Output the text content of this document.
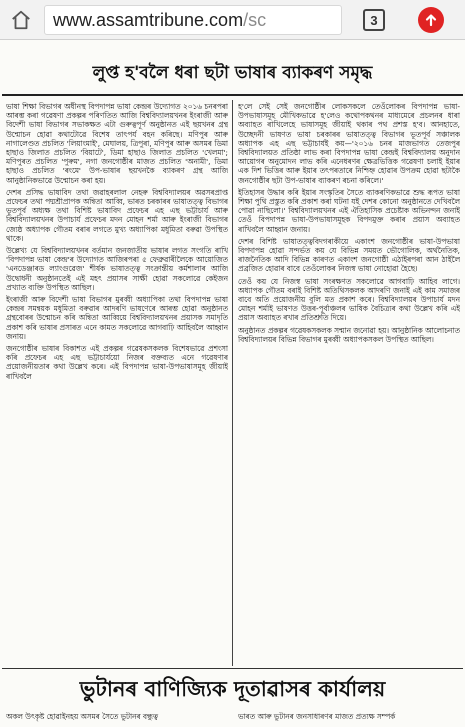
www.assamtribune.com/sc	3
লুপ্ত হ'বলৈ ধৰা ছটা ভাষাৰ ব্যাকৰণ সমৃদ্ধ

ভাষা শিক্ষা বিভাগৰ অধীনস্থ বিপদাপন্ন ভাষা কেন্দ্ৰৰ উদ্যোগত ২০১৬ চনৰপৰা আৰম্ভ কৰা গৱেষণা প্ৰকল্পৰ পৰিণতিত আজি বিশ্ববিদ্যালয়খনৰ ইংৰাজী আৰু বিদেশী ভাষা বিভাগৰ সভাকক্ষত এটা গুৰুত্বপূৰ্ণ অনুষ্ঠানত এই ছয়খনৰ গ্ৰন্থ উন্মোচন হোৱা কথাটোৱে বিশেষ তাৎপৰ্য বহন কৰিছে। মণিপুৰ আৰু নাগালেণ্ডত প্ৰচলিত 'লিয়াংমাই', মেঘালয়, ত্ৰিপুৰা, মণিপুৰ আৰু অসমৰ ডিমা হাছাও জিলাত প্ৰচলিত 'বিয়াটে', ডিমা হাছাও জিলাত প্ৰচলিত 'খেলমা'; মণিপুৰত প্ৰচলিত 'পুৰুম', নগা জনগোষ্ঠীৰ মাজত প্ৰচলিত 'অনামী', ডিমা হাছাও প্ৰচলিত 'ৰংমে' উপ-ভাষাৰ ছয়খনকৈ ব্যাকৰণ গ্ৰন্থ আজি আনুষ্ঠানিকভাৱে উন্মোচন কৰা হয়।

দেশৰ প্ৰসিদ্ধ ভাষাবিদ তথা জৱাহৰলাল নেহৰু বিশ্ববিদ্যালয়ৰ অৱসৰপ্ৰাপ্ত প্ৰফেচৰ তথা পদ্মশ্ৰীপ্ৰাপক অন্বিতা আব্বি, ভাৰত চৰকাৰৰ ভাষাতত্ত্ব বিভাগৰ ভূতপূৰ্ব অধ্যক্ষ তথা বিশিষ্ট ভাষাবিদ প্ৰফেচৰ এহ এছ ভট্টাচাৰ্য আৰু বিশ্ববিদ্যালয়খনৰ উপাচাৰ্য প্ৰফেচৰ মদন মোহন শৰ্মা আৰু ইংৰাজী বিভাগৰ জ্যেষ্ঠ অধ্যাপক গৌতম বৰাৰ লগতে মুখ্য অধ্যাপিকা মধুমিতা বৰুৱা উপস্থিত থাকে।

উল্লেখ্য যে বিশ্ববিদ্যালয়খনৰ বৰ্তমান জনজাতীয় ভাষাৰ লগত সংগতি ৰাখি 'বিপদাপন্ন ভাষা কেন্দ্ৰ'ৰ উদ্যোগত আজিৰপৰা ৫ ফেব্ৰুৱাৰীলৈকে আয়োজিত 'এনডেঞ্জাৰড ল্যাংগুৱেজ' শীৰ্ষক ভাষাতত্ত্ব সংক্ৰান্তীয় কৰ্মশালাৰ আজি উদ্বোধনী অনুষ্ঠানতেই এই মহৎ প্ৰয়াসৰ সাক্ষী হোৱা সকলোৱে কেইজন প্ৰখ্যাত ব্যক্তি উপস্থিত আছিল।

ইংৰাজী আৰু বিদেশী ভাষা বিভাগৰ মুৰব্বী অধ্যাপিকা তথা বিপদাপন্ন ভাষা কেন্দ্ৰৰ সমন্বয়ক মধুমিতা বৰুৱাৰ আদৰণি ভাষণেৰে আৰম্ভ হোৱা অনুষ্ঠানত গ্ৰন্থবোৰৰ উন্মোচন কৰি অন্বিতা আব্বিয়ে বিশ্ববিদ্যালয়খনৰ প্ৰয়াসক সমাদৃতি প্ৰকাশ কৰি ভাষাৰ প্ৰসাৰত এনে কামত সকলোৱে আগবাঢ়ি আহিবলৈ আহ্বান জনায়।

জনগোষ্ঠীৰ ভাষাৰ বিকাশত এই প্ৰকল্পৰ গৱেষকসকলক বিশেষভাৱে প্ৰশংসা কৰি প্ৰফেচৰ এহ এছ ভট্টাচাৰ্যয়ো নিজৰ বক্তব্যত এনে গৱেষণাৰ প্ৰয়োজনীয়তাৰ কথা উল্লেখ কৰে। এই বিপদাপন্ন ভাষা-উপভাষাসমূহ জীয়াই ৰাখিবলৈ

হ'লে সেই সেই জনগোষ্ঠীৰ লোকসকলে তেওঁলোকৰ বিপদাপন্ন ভাষা-উপভাষাসমূহ মৌখিকভাৱে হ'লেও কথোপকথনৰ মাধ্যমেৰে প্ৰচলনৰ ধাৰা অব্যাহত ৰাখিলেহে ভাষাসমূহ জীয়াই থকাৰ পথ প্ৰশস্ত হ'ব। আনহাতে, উচ্ছেদনী ভাষণত ভাষা চৰকাৰৰ ভাষাতত্ত্ব বিভাগৰ ভূতপূৰ্ব সঞ্চালক অধ্যাপক এহ এছ ভট্টাচাৰ্যই কয়—'২০১৬ চনৰ মাজভাগত তেজপুৰ বিশ্ববিদ্যালয়ত প্ৰতিষ্ঠা লাভ কৰা বিপদাপন্ন ভাষা কেন্দ্ৰই বিশ্ববিদ্যালয় অনুদান আয়োগৰ অনুমোদন লাভ কৰি এনেধৰণৰ ক্ষেত্ৰভিত্তিক গৱেষণা চলাই ইয়াৰ এক দিশ ভিত্তিৰ আৰু ইয়াৰ তৎপৰতাৰে নিশ্চিহ্ন হোৱাৰ উপক্ৰম হোৱা ছটাকৈ জনগোষ্ঠীৰ ছটা উপ-ভাষাৰ ব্যাকৰণ ৰচনা কৰিলে।'

ইতিহাসৰ উদ্ধাৰ কৰি ইয়াৰ সংস্কৃতিৰ সৈতে ব্যাকৰণিকভাৱে শুদ্ধ ৰূপত ভাষা শিক্ষা পুথি প্ৰস্তুত কৰি প্ৰকাশ কৰা ঘটনা যই দেশৰ কোনো অনুষ্ঠানতে দেখিবলৈ পোৱা নাছিলো।' বিশ্ববিদ্যালয়খনৰ এই ঐতিহাসিক প্ৰচেষ্টাক অভিনন্দন জনাই তেওঁ বিপদাপন্ন ভাষা-উপভাষাসমূহক বিপদমুক্ত কৰাৰ প্ৰয়াস অব্যাহত ৰাখিবলৈ আহ্বান জনায়।

দেশৰ বিশিষ্ট ভাষাতত্ত্ববিদগৰাকীয়ে একাংশ জনগোষ্ঠীৰ ভাষা-উপভাষা বিপদাপন্ন হোৱা সন্দৰ্ভত কয় যে বিভিন্ন সময়ত ভৌগোলিক, অৰ্থনৈতিক, ৰাজনৈতিক আদি বিভিন্ন কাৰণত একাংশ জনগোষ্ঠী এঠাইৰপৰা আন ঠাইলৈ প্ৰব্ৰজিত হোৱাৰ বাবে তেওঁলোকৰ নিজস্ব ভাষা নোহোৱা হৈছে।

তেওঁ কয় যে নিজস্ব ভাষা সংৰক্ষণত সকলোৱে আগবাঢ়ি আহিব লাগে। অধ্যাপক গৌতম বৰাই বিশিষ্ট অতিথিসকলক আদৰণি জনাই এই কাম সমাজৰ বাবে অতি প্ৰয়োজনীয় বুলি মত প্ৰকাশ কৰে। বিশ্ববিদ্যালয়ৰ উপাচাৰ্য মদন মোহন শৰ্মাই ভাষণত উত্তৰ-পূৰ্বাঞ্চলৰ ভাষিক বৈচিত্ৰ্যৰ কথা উল্লেখ কৰি এই প্ৰয়াস অব্যাহত ৰখাৰ প্ৰতিশ্ৰুতি দিয়ে।

অনুষ্ঠানত প্ৰকল্পৰ গৱেষকসকলক সন্মান জনোৱা হয়। আনুষ্ঠানিক আলোচনাত বিশ্ববিদ্যালয়ৰ বিভিন্ন বিভাগৰ মুৰব্বী অধ্যাপকসকল উপস্থিত আছিল।

ভুটানৰ বাণিজ্যিক দূতাৱাসৰ কাৰ্যালয়
অকল উৎকৃষ্ট হোৱাইনহয় অসমৰ সৈতে ভুটানৰ বন্ধুত্ব	ভাৰত আৰু ভুটানৰ জনসাধাৰণৰ মাজত প্ৰত্যক্ষ সম্পৰ্ক
